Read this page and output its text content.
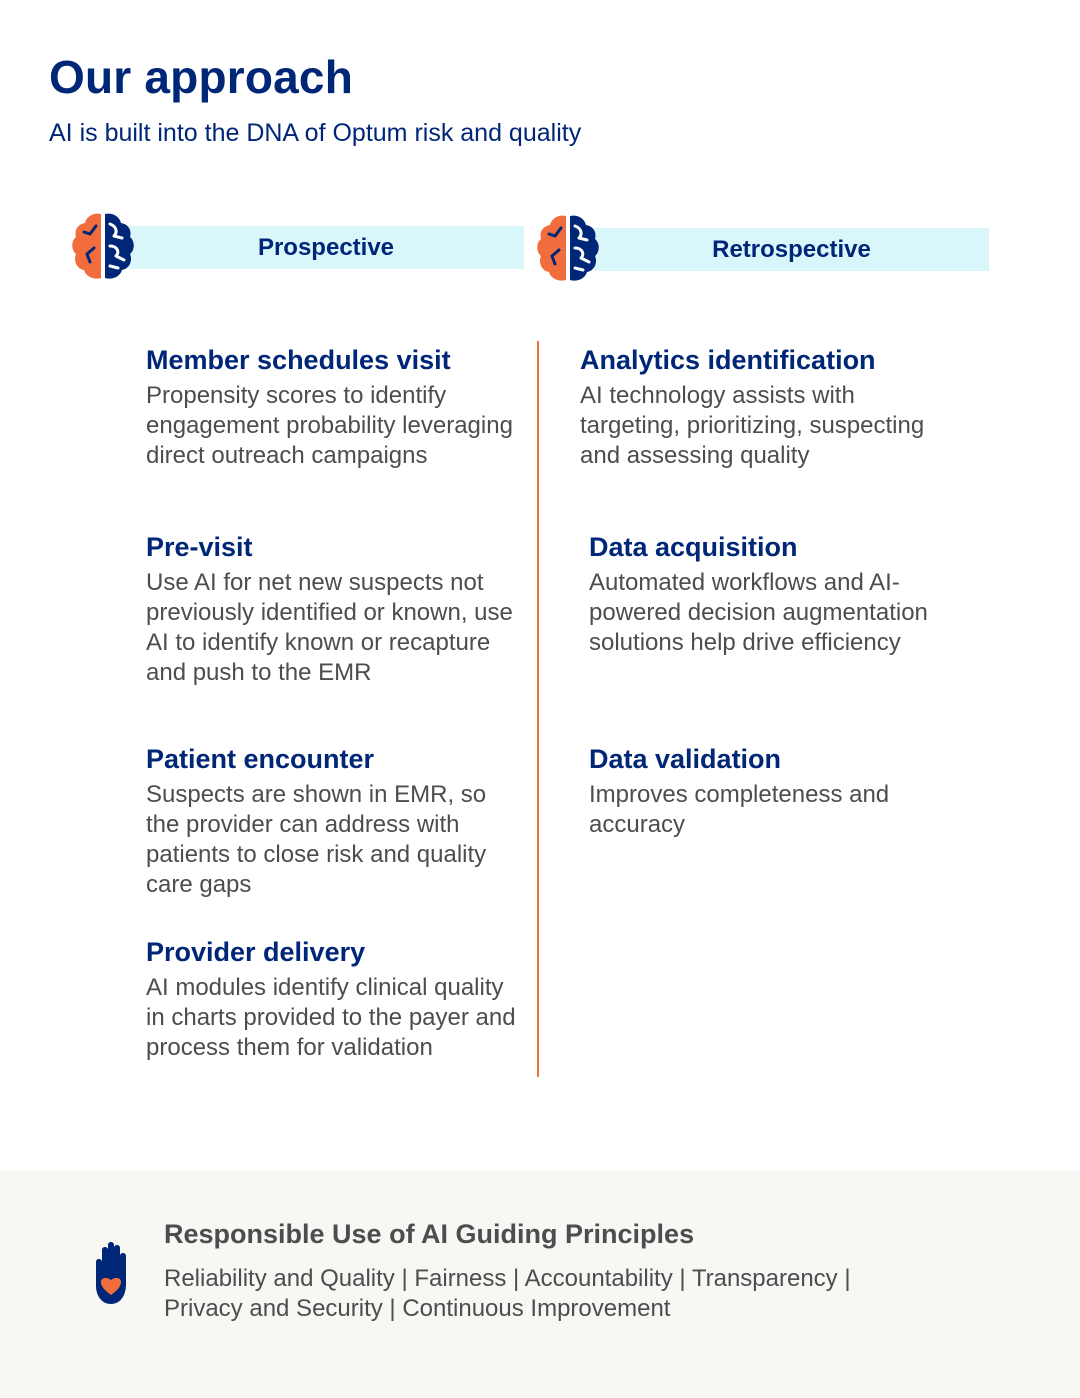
Our approach

AI is built into the DNA of Optum risk and quality

Prospective	Retrospective
Member schedules visit

Propensity scores to identify engagement probability leveraging direct outreach campaigns

Pre-visit

Use AI for net new suspects not previously identified or known, use AI to identify known or recapture and push to the EMR

Patient encounter

Suspects are shown in EMR, so the provider can address with patients to close risk and quality care gaps

Provider delivery

AI modules identify clinical quality in charts provided to the payer and process them for validation

Analytics identification

AI technology assists with targeting, prioritizing, suspecting and assessing quality

Data acquisition

Automated workflows and AI-powered decision augmentation solutions help drive efficiency

Data validation

Improves completeness and accuracy

Responsible Use of AI Guiding Principles

Reliability and Quality | Fairness | Accountability | Transparency | Privacy and Security | Continuous Improvement
